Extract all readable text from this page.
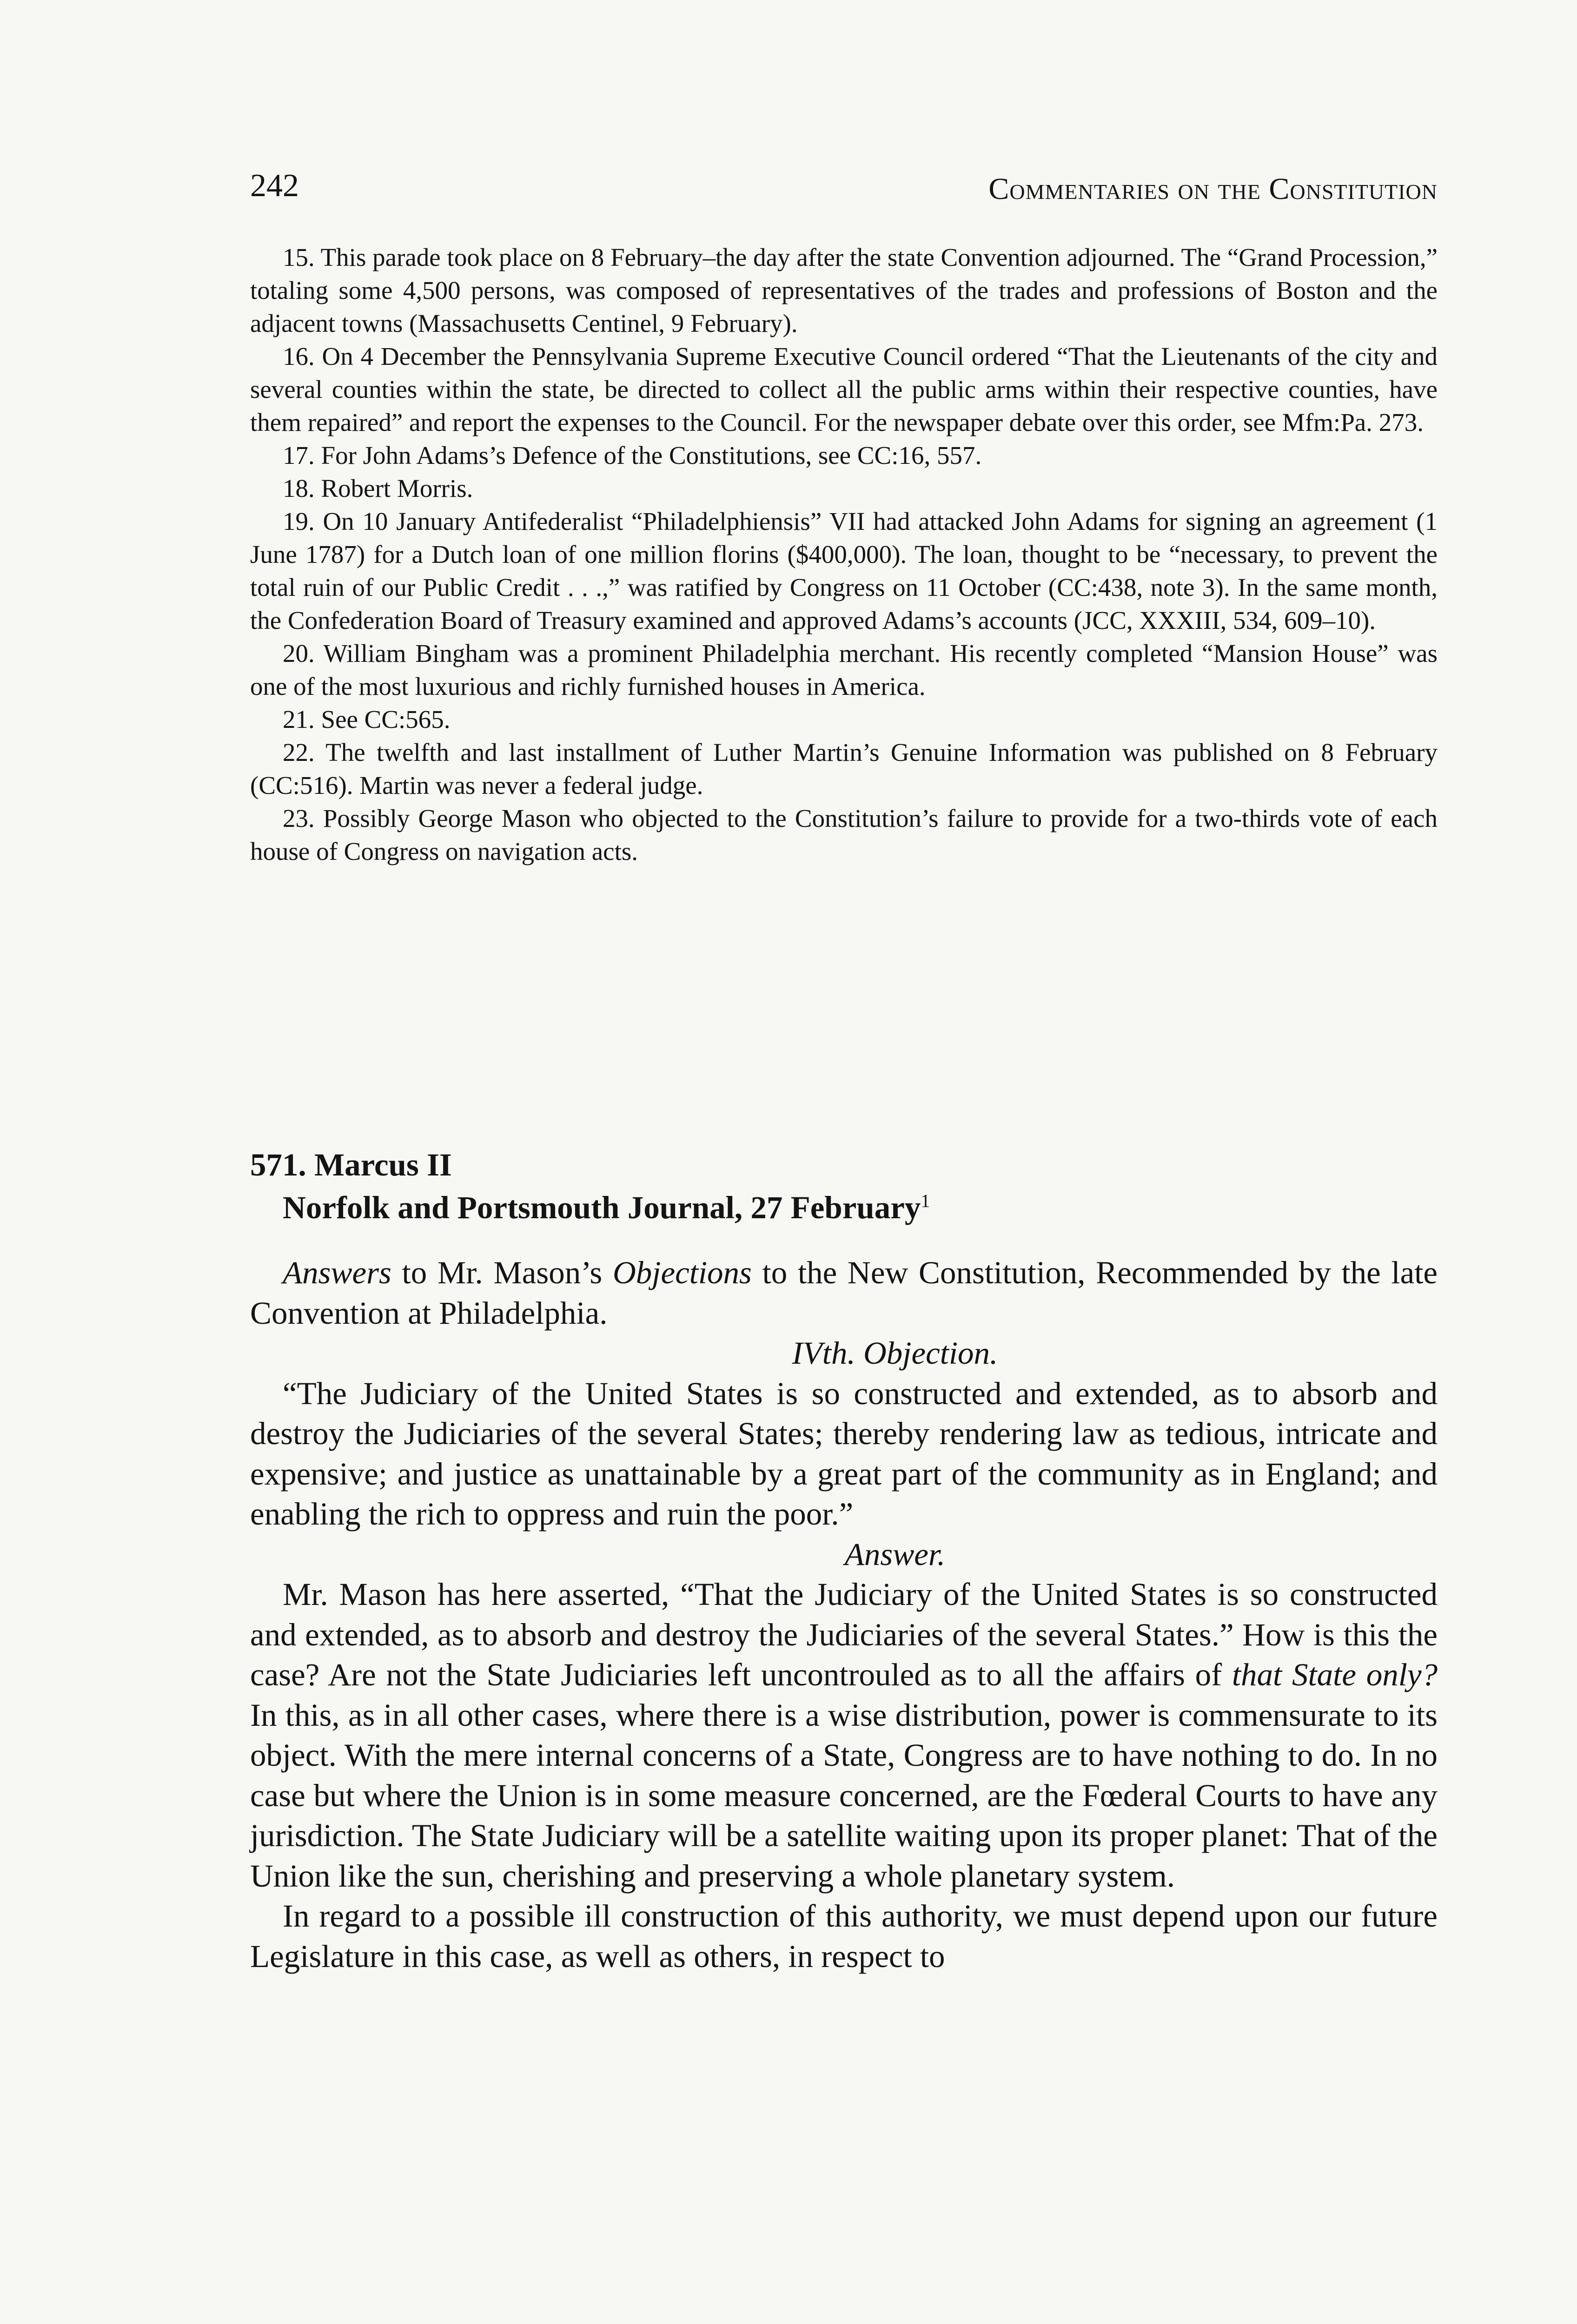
242	Commentaries on the Constitution

15. This parade took place on 8 February–the day after the state Convention adjourned. The “Grand Procession,” totaling some 4,500 persons, was composed of representatives of the trades and professions of Boston and the adjacent towns (Massachusetts Centinel, 9 February).

16. On 4 December the Pennsylvania Supreme Executive Council ordered “That the Lieutenants of the city and several counties within the state, be directed to collect all the public arms within their respective counties, have them repaired” and report the expenses to the Council. For the newspaper debate over this order, see Mfm:Pa. 273.

17. For John Adams’s Defence of the Constitutions, see CC:16, 557.

18. Robert Morris.

19. On 10 January Antifederalist “Philadelphiensis” VII had attacked John Adams for signing an agreement (1 June 1787) for a Dutch loan of one million florins ($400,000). The loan, thought to be “necessary, to prevent the total ruin of our Public Credit . . .,” was ratified by Congress on 11 October (CC:438, note 3). In the same month, the Confederation Board of Treasury examined and approved Adams’s accounts (JCC, XXXIII, 534, 609–10).

20. William Bingham was a prominent Philadelphia merchant. His recently completed “Mansion House” was one of the most luxurious and richly furnished houses in America.

21. See CC:565.

22. The twelfth and last installment of Luther Martin’s Genuine Information was published on 8 February (CC:516). Martin was never a federal judge.

23. Possibly George Mason who objected to the Constitution’s failure to provide for a two-thirds vote of each house of Congress on navigation acts.

571. Marcus II

Norfolk and Portsmouth Journal, 27 February$^1$

Answers to Mr. Mason’s Objections to the New Constitution, Recommended by the late Convention at Philadelphia.

IVth. Objection.

“The Judiciary of the United States is so constructed and extended, as to absorb and destroy the Judiciaries of the several States; thereby rendering law as tedious, intricate and expensive; and justice as unattainable by a great part of the community as in England; and enabling the rich to oppress and ruin the poor.”

Answer.

Mr. Mason has here asserted, “That the Judiciary of the United States is so constructed and extended, as to absorb and destroy the Judiciaries of the several States.” How is this the case? Are not the State Judiciaries left uncontrouled as to all the affairs of that State only? In this, as in all other cases, where there is a wise distribution, power is commensurate to its object. With the mere internal concerns of a State, Congress are to have nothing to do. In no case but where the Union is in some measure concerned, are the Fœderal Courts to have any jurisdiction. The State Judiciary will be a satellite waiting upon its proper planet: That of the Union like the sun, cherishing and preserving a whole planetary system.

In regard to a possible ill construction of this authority, we must depend upon our future Legislature in this case, as well as others, in respect to
